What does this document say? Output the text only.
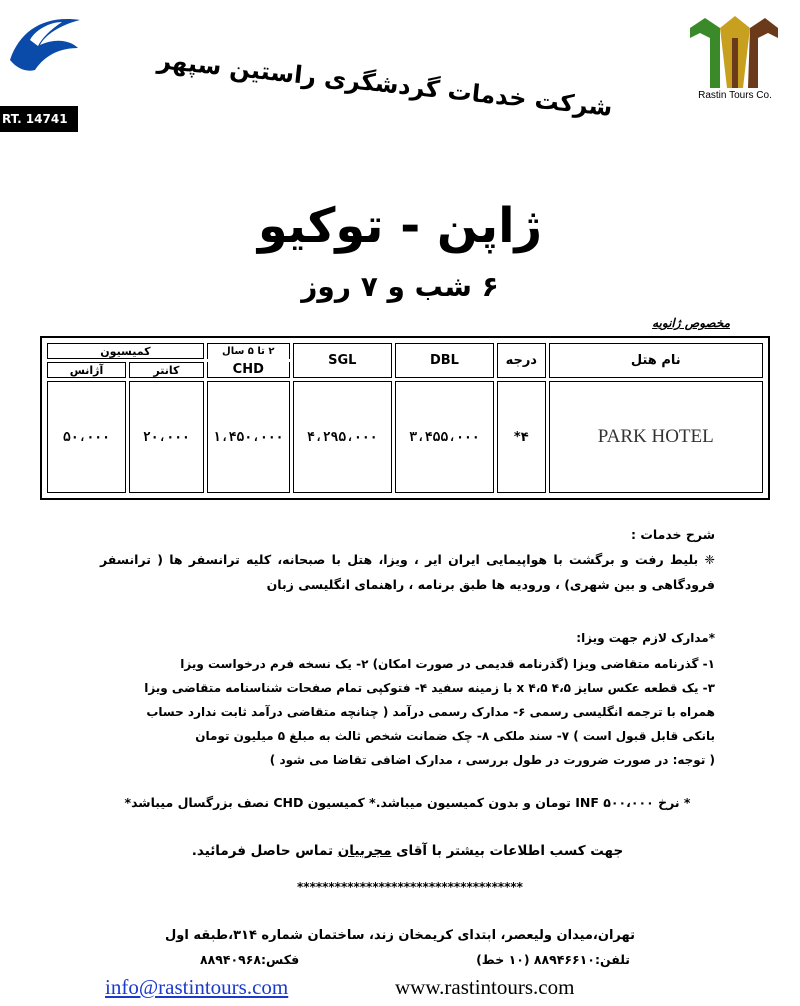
RT. 14741	شرکت خدمات گردشگری راستین سپهر	Rastin Tours Co.
ژاپن - توکیو
۶ شب و ۷ روز
مخصوص ژانویه
نام هتل	درجه	DBL	SGL	۲ تا ۵ سال	کمیسیون	
				CHD	کانتر	آژانس
PARK HOTEL	۴*	۳،۴۵۵،۰۰۰	۴،۲۹۵،۰۰۰	۱،۴۵۰،۰۰۰	۲۰،۰۰۰	۵۰،۰۰۰
شرح خدمات :
❈ بلیط رفت و برگشت با هواپیمایی ایران ایر ، ویزا، هتل با صبحانه، کلیه ترانسفر ها ( ترانسفر فرودگاهی و بین شهری) ، ورودیه ها طبق برنامه ، راهنمای انگلیسی زبان
*مدارک لازم جهت ویزا:
۱- گذرنامه متقاضی ویزا (گذرنامه قدیمی در صورت امکان) ۲- یک نسخه فرم درخواست ویزا
۳- یک قطعه عکس سایز ۴،۵ x ۴،۵ با زمینه سفید ۴- فتوکپی تمام صفحات شناسنامه متقاضی ویزا
همراه با ترجمه انگلیسی رسمی ۶- مدارک رسمی درآمد ( چنانچه متقاضی درآمد ثابت ندارد حساب
بانکی قابل قبول است ) ۷- سند ملکی ۸- چک ضمانت شخص ثالث به مبلغ ۵ میلیون تومان
( توجه: در صورت ضرورت در طول بررسی ، مدارک اضافی تقاضا می شود )
* نرخ INF ۵۰۰،۰۰۰ تومان و بدون کمیسیون میباشد.* کمیسیون CHD نصف بزرگسال میباشد*
جهت کسب اطلاعات بیشتر با آقای مجربیان تماس حاصل فرمائید.
************************************
تهران،میدان ولیعصر، ابتدای کریمخان زند، ساختمان شماره ۳۱۴،طبقه اول
تلفن:۸۸۹۴۶۶۱۰ (۱۰ خط)
فکس:۸۸۹۴۰۹۶۸
info@rastintours.com	www.rastintours.com
